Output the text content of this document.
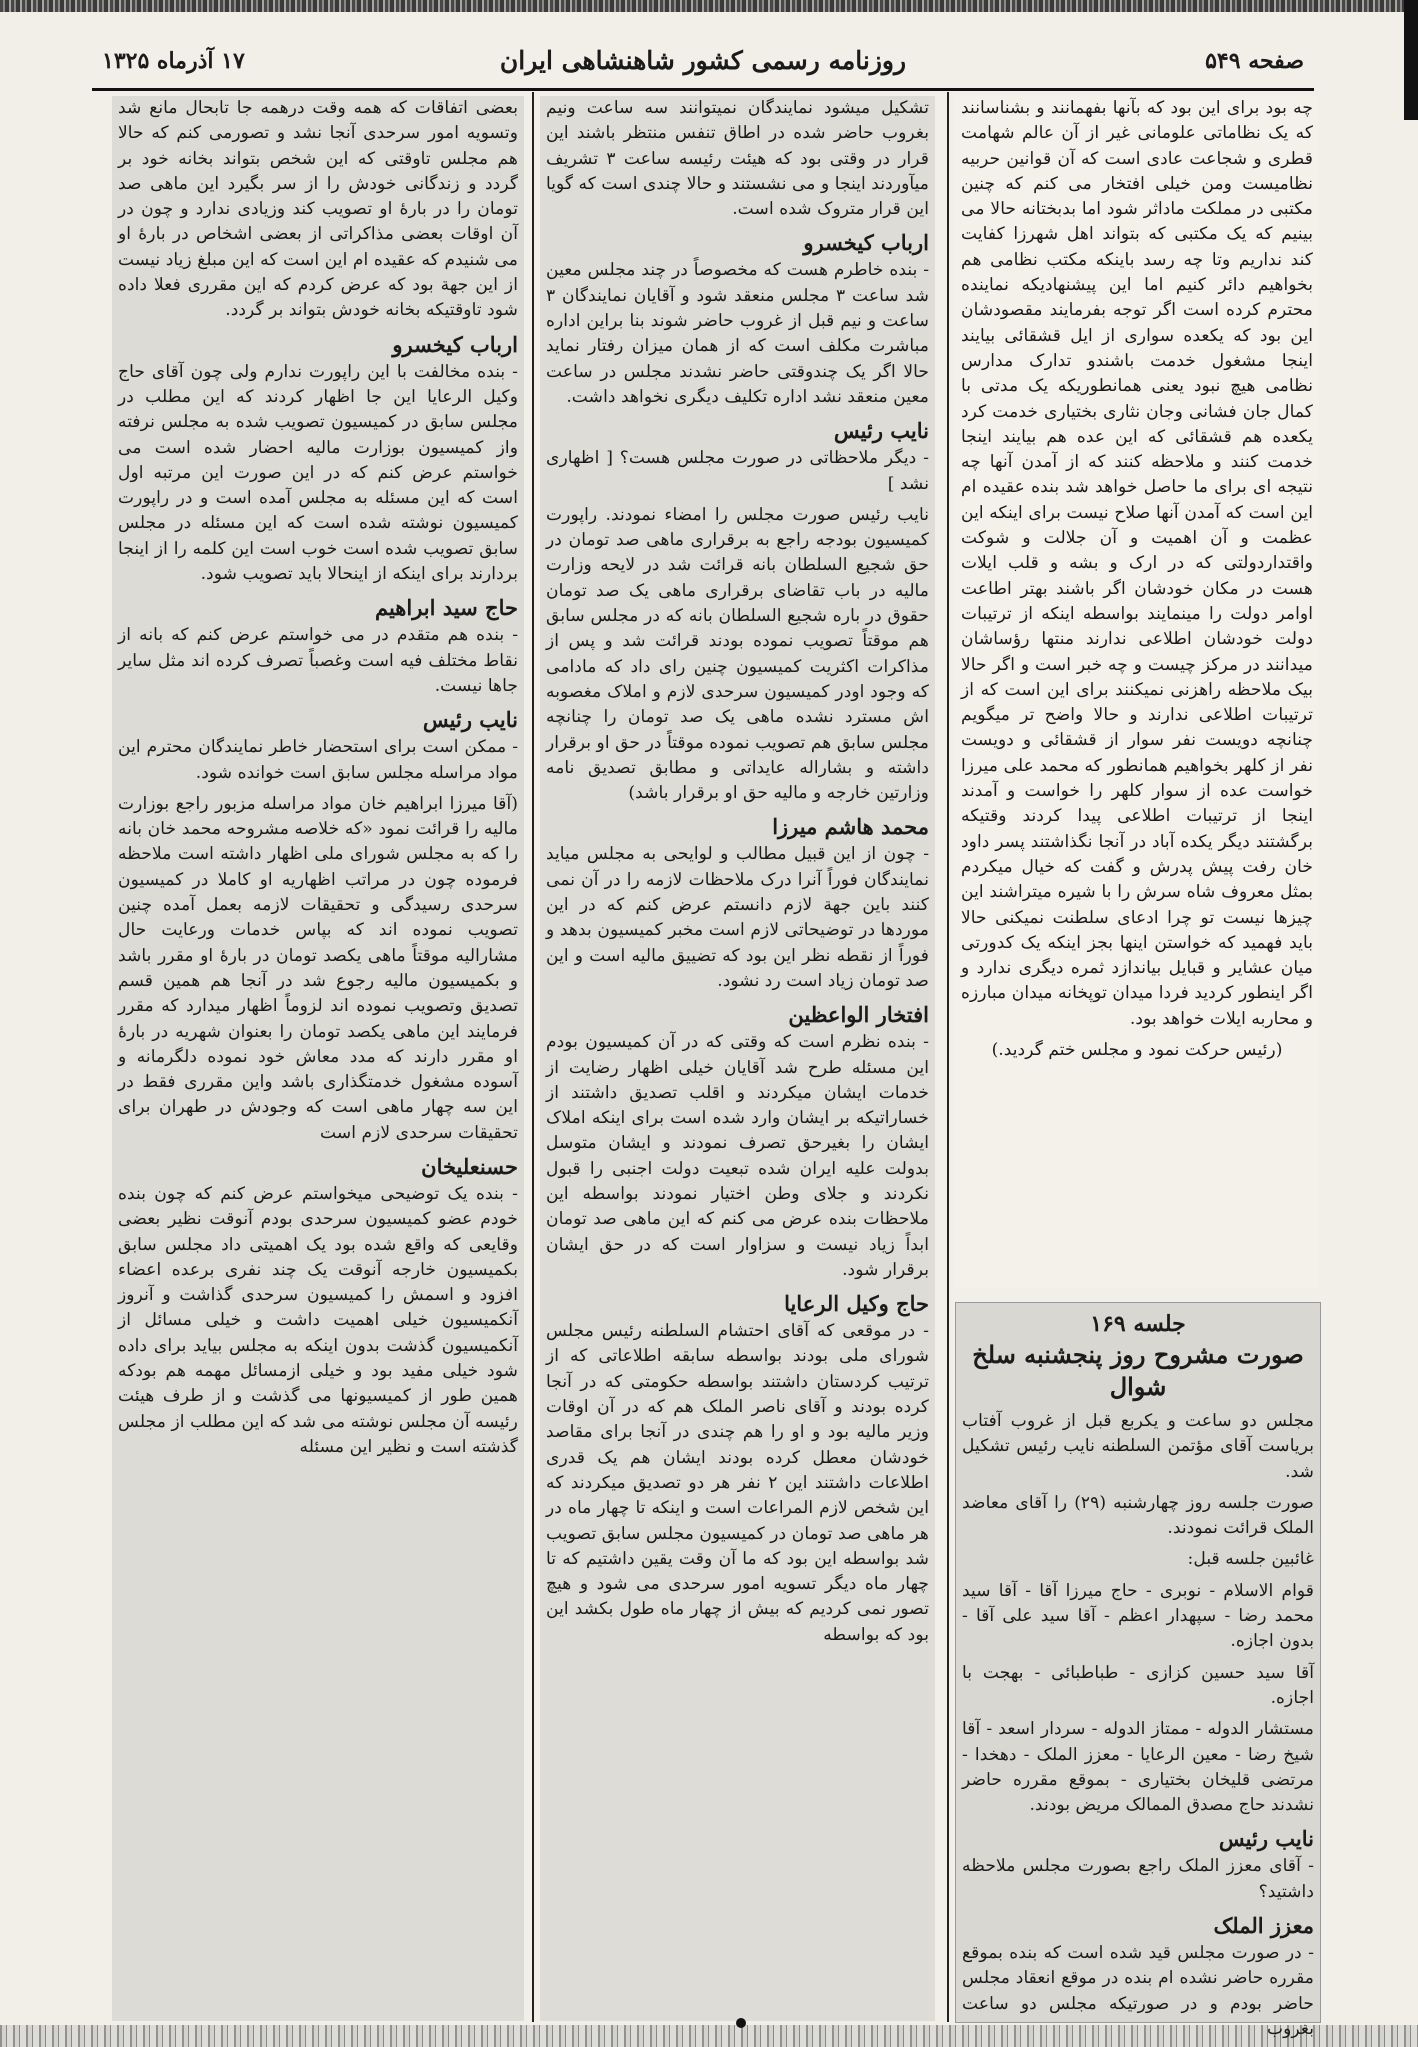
صفحه ۵۴۹
روزنامه رسمی کشور شاهنشاهی ایران
۱۷ آذرماه ۱۳۲۵

چه بود برای این بود که بآنها بفهمانند و بشناسانند که یک نظاماتی علومانی غیر از آن عالم شهامت قطری و شجاعت عادی است که آن قوانین حربیه نظامیست ومن خیلی افتخار می کنم که چنین مکتبی در مملکت ماداثر شود اما بدبختانه حالا می بینیم که یک مکتبی که بتواند اهل شهرزا کفایت کند نداریم وتا چه رسد باینکه مکتب نظامی هم بخواهیم دائر کنیم اما این پیشنهادیکه نماینده محترم کرده است اگر توجه بفرمایند مقصودشان این بود که یکعده سواری از ایل قشقائی بیایند اینجا مشغول خدمت باشندو تدارک مدارس نظامی هیچ نبود یعنی همانطوریکه یک مدتی با کمال جان فشانی وجان نثاری بختیاری خدمت کرد یکعده هم قشقائی که این عده هم بیایند اینجا خدمت کنند و ملاحظه کنند که از آمدن آنها چه نتیجه ای برای ما حاصل خواهد شد بنده عقیده ام این است که آمدن آنها صلاح نیست برای اینکه این عظمت و آن اهمیت و آن جلالت و شوکت واقتداردولتی که در ارک و بشه و قلب ایلات هست در مکان خودشان اگر باشند بهتر اطاعت اوامر دولت را مینمایند بواسطه اینکه از ترتیبات دولت خودشان اطلاعی ندارند منتها رؤساشان میدانند در مرکز چیست و چه خبر است و اگر حالا بیک ملاحظه راهزنی نمیکنند برای این است که از ترتیبات اطلاعی ندارند و حالا واضح تر میگویم چنانچه دویست نفر سوار از قشقائی و دویست نفر از کلهر بخواهیم همانطور که محمد علی میرزا خواست عده از سوار کلهر را خواست و آمدند اینجا از ترتیبات اطلاعی پیدا کردند وقتیکه برگشتند دیگر یکده آباد در آنجا نگذاشتند پسر داود خان رفت پیش پدرش و گفت که خیال میکردم بمثل معروف شاه سرش را با شیره میتراشند این چیزها نیست تو چرا ادعای سلطنت نمیکنی حالا باید فهمید که خواستن اینها بجز اینکه یک کدورتی میان عشایر و قبایل بیاندازد ثمره دیگری ندارد و اگر اینطور کردید فردا میدان توپخانه میدان مبارزه و محاربه ایلات خواهد بود.

(رئیس حرکت نمود و مجلس ختم گردید.)

جلسه ۱۶۹
صورت مشروح روز پنجشنبه سلخ شوال

مجلس دو ساعت و یکربع قبل از غروب آفتاب بریاست آقای مؤتمن السلطنه نایب رئیس تشکیل شد.

صورت جلسه روز چهارشنبه (۲۹) را آقای معاضد الملک قرائت نمودند.

غائبین جلسه قبل:

قوام الاسلام - نوبری - حاج میرزا آقا - آقا سید محمد رضا - سپهدار اعظم - آقا سید علی آقا - بدون اجازه.

آقا سید حسین کزازی - طباطبائی - بهجت با اجازه.

مستشار الدوله - ممتاز الدوله - سردار اسعد - آقا شیخ رضا - معین الرعایا - معزز الملک - دهخدا - مرتضی قلیخان بختیاری - بموقع مقرره حاضر نشدند حاج مصدق الممالک مریض بودند.

نایب رئیس

- آقای معزز الملک راجع بصورت مجلس ملاحظه داشتید؟

معزز الملک

- در صورت مجلس قید شده است که بنده بموقع مقرره حاضر نشده ام بنده در موقع انعقاد مجلس حاضر بودم و در صورتیکه مجلس دو ساعت بغروب

تشکیل میشود نمایندگان نمیتوانند سه ساعت ونیم بغروب حاضر شده در اطاق تنفس منتظر باشند این قرار در وقتی بود که هیئت رئیسه ساعت ۳ تشریف میآوردند اینجا و می نشستند و حالا چندی است که گویا این قرار متروک شده است.

ارباب کیخسرو

- بنده خاطرم هست که مخصوصاً در چند مجلس معین شد ساعت ۳ مجلس منعقد شود و آقایان نمایندگان ۳ ساعت و نیم قبل از غروب حاضر شوند بنا براین اداره مباشرت مکلف است که از همان میزان رفتار نماید حالا اگر یک چندوقتی حاضر نشدند مجلس در ساعت معین منعقد نشد اداره تکلیف دیگری نخواهد داشت.

نایب رئیس

- دیگر ملاحظاتی در صورت مجلس هست؟ [ اظهاری نشد ]

نایب رئیس صورت مجلس را امضاء نمودند. راپورت کمیسیون بودجه راجع به برقراری ماهی صد تومان در حق شجیع السلطان بانه قرائت شد در لایحه وزارت مالیه در باب تقاضای برقراری ماهی یک صد تومان حقوق در باره شجیع السلطان بانه که در مجلس سابق هم موقتاً تصویب نموده بودند قرائت شد و پس از مذاکرات اکثریت کمیسیون چنین رای داد که مادامی که وجود اودر کمیسیون سرحدی لازم و املاک مغصوبه اش مسترد نشده ماهی یک صد تومان را چنانچه مجلس سابق هم تصویب نموده موقتاً در حق او برقرار داشته و بشاراله عایداتی و مطابق تصدیق نامه وزارتین خارجه و مالیه حق او برقرار باشد)

محمد هاشم میرزا

- چون از این قبیل مطالب و لوایحی به مجلس میاید نمایندگان فوراً آنرا درک ملاحظات لازمه را در آن نمی کنند باین جهة لازم دانستم عرض کنم که در این موردها در توضیحاتی لازم است مخبر کمیسیون بدهد و فوراً از نقطه نظر این بود که تضییق مالیه است و این صد تومان زیاد است رد نشود.

افتخار الواعظین

- بنده نظرم است که وقتی که در آن کمیسیون بودم این مسئله طرح شد آقایان خیلی اظهار رضایت از خدمات ایشان میکردند و اقلب تصدیق داشتند از خساراتیکه بر ایشان وارد شده است برای اینکه املاک ایشان را بغیرحق تصرف نمودند و ایشان متوسل بدولت علیه ایران شده تبعیت دولت اجنبی را قبول نکردند و جلای وطن اختیار نمودند بواسطه این ملاحظات بنده عرض می کنم که این ماهی صد تومان ابداً زیاد نیست و سزاوار است که در حق ایشان برقرار شود.

حاج وکیل الرعایا

- در موقعی که آقای احتشام السلطنه رئیس مجلس شورای ملی بودند بواسطه سابقه اطلاعاتی که از ترتیب کردستان داشتند بواسطه حکومتی که در آنجا کرده بودند و آقای ناصر الملک هم که در آن اوقات وزیر مالیه بود و او را هم چندی در آنجا برای مقاصد خودشان معطل کرده بودند ایشان هم یک قدری اطلاعات داشتند این ۲ نفر هر دو تصدیق میکردند که این شخص لازم المراعات است و اینکه تا چهار ماه در هر ماهی صد تومان در کمیسیون مجلس سابق تصویب شد بواسطه این بود که ما آن وقت یقین داشتیم که تا چهار ماه دیگر تسویه امور سرحدی می شود و هیچ تصور نمی کردیم که بیش از چهار ماه طول بکشد این بود که بواسطه

بعضی اتفاقات که همه وقت درهمه جا تابحال مانع شد وتسویه امور سرحدی آنجا نشد و تصورمی کنم که حالا هم مجلس تاوقتی که این شخص بتواند بخانه خود بر گردد و زندگانی خودش را از سر بگیرد این ماهی صد تومان را در بارهٔ او تصویب کند وزیادی ندارد و چون در آن اوقات بعضی مذاکراتی از بعضی اشخاص در بارهٔ او می شنیدم که عقیده ام این است که این مبلغ زیاد نیست از این جهة بود که عرض کردم که این مقرری فعلا داده شود تاوقتیکه بخانه خودش بتواند بر گردد.

ارباب کیخسرو

- بنده مخالفت با این راپورت ندارم ولی چون آقای حاج وکیل الرعایا این جا اظهار کردند که این مطلب در مجلس سابق در کمیسیون تصویب شده به مجلس نرفته واز کمیسیون بوزارت مالیه احضار شده است می خواستم عرض کنم که در این صورت این مرتبه اول است که این مسئله به مجلس آمده است و در راپورت کمیسیون نوشته شده است که این مسئله در مجلس سابق تصویب شده است خوب است این کلمه را از اینجا بردارند برای اینکه از اینحالا باید تصویب شود.

حاج سید ابراهیم

- بنده هم متقدم در می خواستم عرض کنم که بانه از نقاط مختلف فیه است وغصباً تصرف کرده اند مثل سایر جاها نیست.

نایب رئیس

- ممکن است برای استحضار خاطر نمایندگان محترم این مواد مراسله مجلس سابق است خوانده شود.

(آقا میرزا ابراهیم خان مواد مراسله مزبور راجع بوزارت مالیه را قرائت نمود «که خلاصه مشروحه محمد خان بانه را که به مجلس شورای ملی اظهار داشته است ملاحظه فرموده چون در مراتب اظهاریه او کاملا در کمیسیون سرحدی رسیدگی و تحقیقات لازمه بعمل آمده چنین تصویب نموده اند که بپاس خدمات ورعایت حال مشارالیه موقتاً ماهی یکصد تومان در بارهٔ او مقرر باشد و بکمیسیون مالیه رجوع شد در آنجا هم همین قسم تصدیق وتصویب نموده اند لزوماً اظهار میدارد که مقرر فرمایند این ماهی یکصد تومان را بعنوان شهریه در بارهٔ او مقرر دارند که مدد معاش خود نموده دلگرمانه و آسوده مشغول خدمتگذاری باشد واین مقرری فقط در این سه چهار ماهی است که وجودش در طهران برای تحقیقات سرحدی لازم است

حسنعلیخان

- بنده یک توضیحی میخواستم عرض کنم که چون بنده خودم عضو کمیسیون سرحدی بودم آنوقت نظیر بعضی وقایعی که واقع شده بود یک اهمیتی داد مجلس سابق بکمیسیون خارجه آنوقت یک چند نفری برعده اعضاء افزود و اسمش را کمیسیون سرحدی گذاشت و آنروز آنکمیسیون خیلی اهمیت داشت و خیلی مسائل از آنکمیسیون گذشت بدون اینکه به مجلس بیاید برای داده شود خیلی مفید بود و خیلی ازمسائل مهمه هم بودکه همین طور از کمیسیونها می گذشت و از طرف هیئت رئیسه آن مجلس نوشته می شد که این مطلب از مجلس گذشته است و نظیر این مسئله
